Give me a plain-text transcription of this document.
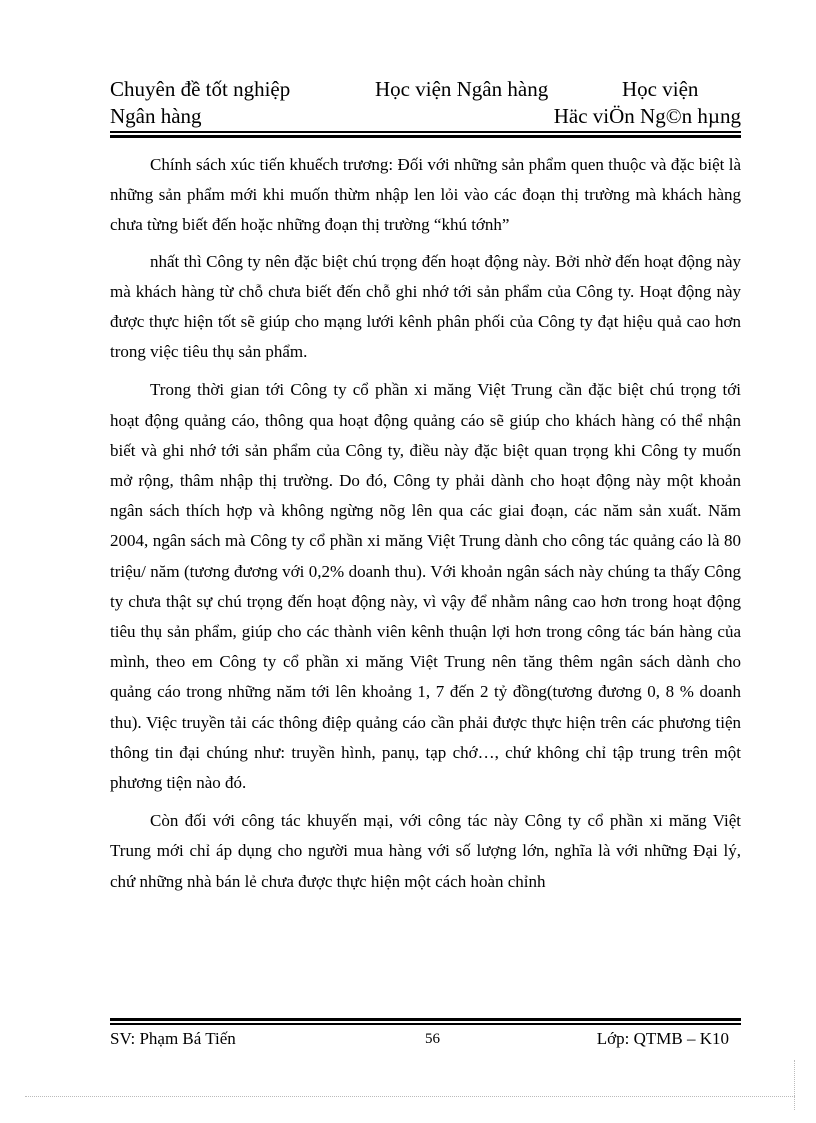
Chuyên đề tốt nghiệp	Học viện Ngân hàng	Học viện
Ngân hàng	Häc viÖn Ng©n hµng

Chính sách xúc tiến khuếch trương: Đối với những sản phẩm quen thuộc và đặc biệt là những sản phẩm mới khi muốn thừm nhập len lỏi vào các đoạn thị trường mà khách hàng chưa từng biết đến hoặc những đoạn thị trường “khú tớnh”

nhất thì Công ty nên đặc biệt chú trọng đến hoạt động này. Bởi nhờ đến hoạt động này mà khách hàng từ chỗ chưa biết đến chỗ ghi nhớ tới sản phẩm của Công ty. Hoạt động này được thực hiện tốt sẽ giúp cho mạng lưới kênh phân phối của Công ty đạt hiệu quả cao hơn trong việc tiêu thụ sản phẩm.

Trong thời gian tới Công ty cổ phần xi măng Việt Trung cần đặc biệt chú trọng tới hoạt động quảng cáo, thông qua hoạt động quảng cáo sẽ giúp cho khách hàng có thể nhận biết và ghi nhớ tới sản phẩm của Công ty, điều này đặc biệt quan trọng khi Công ty muốn mở rộng, thâm nhập thị trường. Do đó, Công ty phải dành cho hoạt động này một khoản ngân sách thích hợp và không ngừng nõg lên qua các giai đoạn, các năm sản xuất. Năm 2004, ngân sách mà Công ty cổ phần xi măng Việt Trung dành cho công tác quảng cáo là 80 triệu/ năm (tương đương với 0,2% doanh thu). Với khoản ngân sách này chúng ta thấy Công ty chưa thật sự chú trọng đến hoạt động này, vì vậy để nhằm nâng cao hơn trong hoạt động tiêu thụ sản phẩm, giúp cho các thành viên kênh thuận lợi hơn trong công tác bán hàng của mình, theo em Công ty cổ phần xi măng Việt Trung nên tăng thêm ngân sách dành cho quảng cáo trong những năm tới lên khoảng 1, 7 đến 2 tỷ đồng(tương đương 0, 8 % doanh thu). Việc truyền tải các thông điệp quảng cáo cần phải được thực hiện trên các phương tiện thông tin đại chúng như: truyền hình, panụ, tạp chớ…, chứ không chỉ tập trung trên một phương tiện nào đó.

Còn đối với công tác khuyến mại, với công tác này Công ty cổ phần xi măng Việt Trung mới chỉ áp dụng cho người mua hàng với số lượng lớn, nghĩa là với những Đại lý, chứ những nhà bán lẻ chưa được thực hiện một cách hoàn chỉnh

SV: Phạm Bá Tiến	56	Lớp: QTMB – K10
